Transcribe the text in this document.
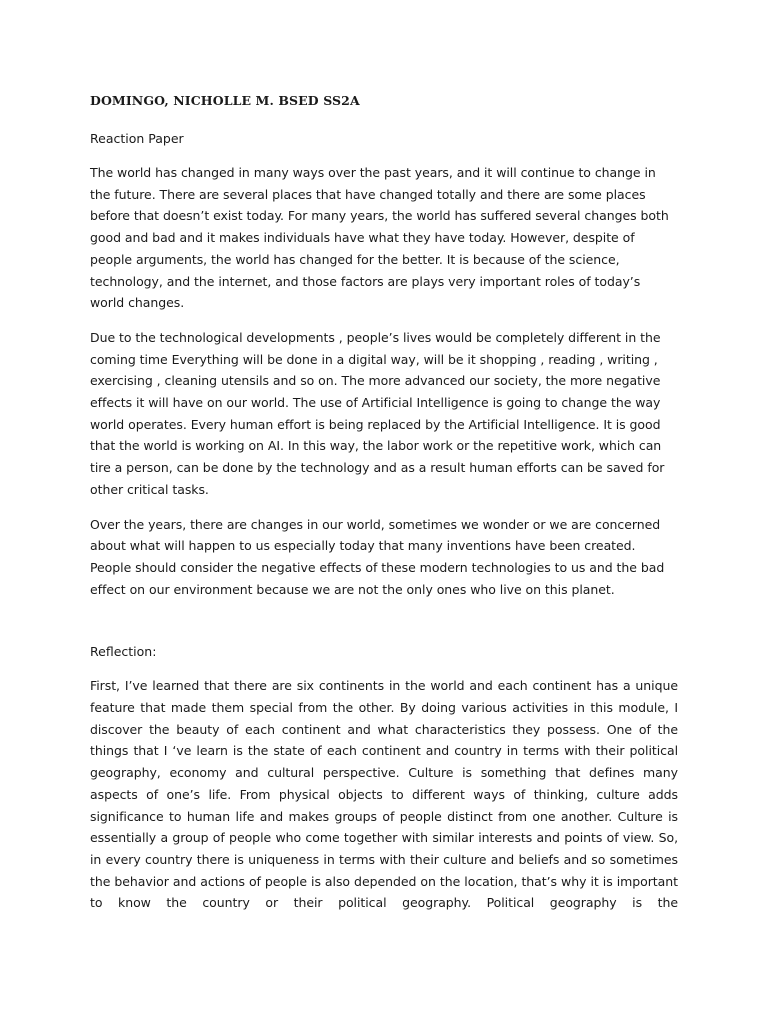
DOMINGO, NICHOLLE M. BSED SS2A
Reaction Paper

The world has changed in many ways over the past years, and it will continue to change in the future. There are several places that have changed totally and there are some places before that doesn’t exist today. For many years, the world has suffered several changes both good and bad and it makes individuals have what they have today. However, despite of people arguments, the world has changed for the better. It is because of the science, technology, and the internet, and those factors are plays very important roles of today’s world changes.

Due to the technological developments , people’s lives would be completely different in the coming time Everything will be done in a digital way, will be it shopping , reading , writing , exercising , cleaning utensils and so on. The more advanced our society, the more negative effects it will have on our world. The use of Artificial Intelligence is going to change the way world operates. Every human effort is being replaced by the Artificial Intelligence. It is good that the world is working on AI. In this way, the labor work or the repetitive work, which can tire a person, can be done by the technology and as a result human efforts can be saved for other critical tasks.

Over the years, there are changes in our world, sometimes we wonder or we are concerned about what will happen to us especially today that many inventions have been created. People should consider the negative effects of these modern technologies to us and the bad effect on our environment because we are not the only ones who live on this planet.

Reflection:

First, I’ve learned that there are six continents in the world and each continent has a unique feature that made them special from the other. By doing various activities in this module, I discover the beauty of each continent and what characteristics they possess. One of the things that I ‘ve learn is the state of each continent and country in terms with their political geography, economy and cultural perspective. Culture is something that defines many aspects of one’s life. From physical objects to different ways of thinking, culture adds significance to human life and makes groups of people distinct from one another. Culture is essentially a group of people who come together with similar interests and points of view. So, in every country there is uniqueness in terms with their culture and beliefs and so sometimes the behavior and actions of people is also depended on the location, that’s why it is important to know the country or their political geography. Political geography is the
